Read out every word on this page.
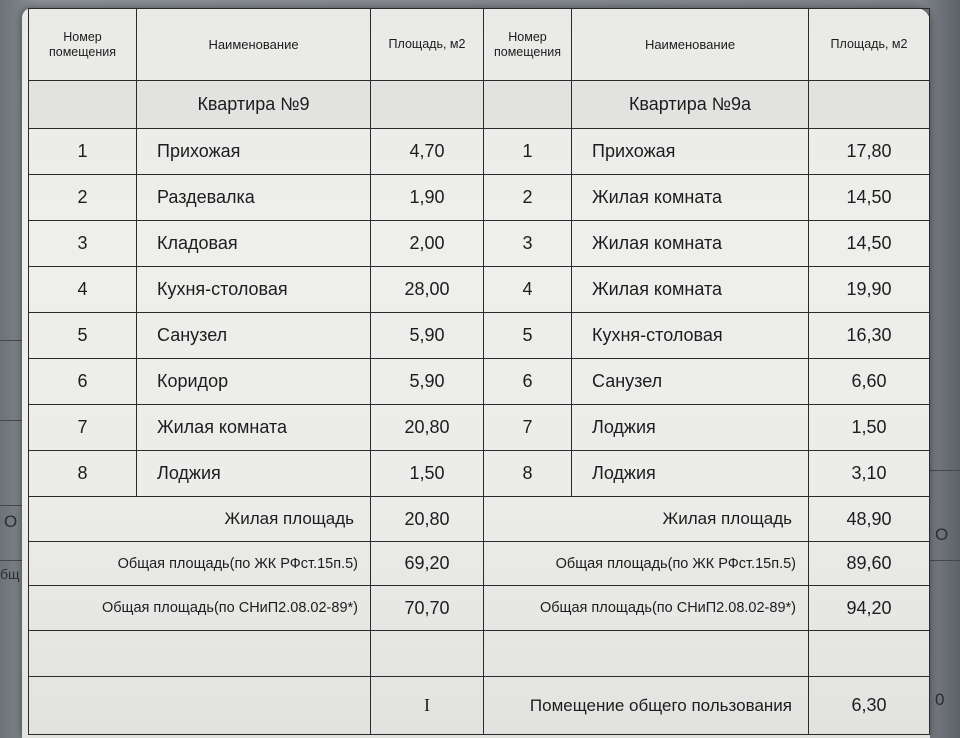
Ο
бщ
О
0
Номер помещения	Наименование	Площадь, м2	Номер помещения	Наименование	Площадь, м2
	Квартира №9			Квартира №9а	
1	Прихожая	4,70	1	Прихожая	17,80
2	Раздевалка	1,90	2	Жилая комната	14,50
3	Кладовая	2,00	3	Жилая комната	14,50
4	Кухня-столовая	28,00	4	Жилая комната	19,90
5	Санузел	5,90	5	Кухня-столовая	16,30
6	Коридор	5,90	6	Санузел	6,60
7	Жилая комната	20,80	7	Лоджия	1,50
8	Лоджия	1,50	8	Лоджия	3,10
Жилая площадь		20,80	Жилая площадь		48,90
Общая площадь(по ЖК РФст.15п.5)		69,20	Общая площадь(по ЖК РФст.15п.5)		89,60
Общая площадь(по СНиП2.08.02-89*)		70,70	Общая площадь(по СНиП2.08.02-89*)		94,20

		I	Помещение общего пользования		6,30
